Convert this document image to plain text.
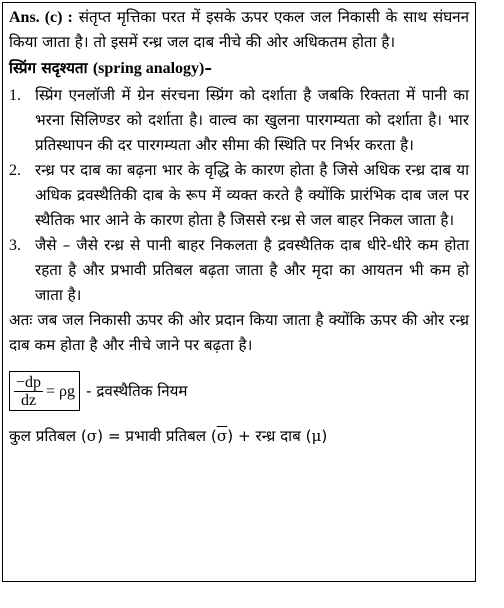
Ans. (c) : संतृप्त मृत्तिका परत में इसके ऊपर एकल जल निकासी के साथ संघनन किया जाता है। तो इसमें रन्ध्र जल दाब नीचे की ओर अधिकतम होता है।

स्प्रिंग सदृश्यता (spring analogy)–

1. स्प्रिंग एनलॉजी में ग्रेन संरचना स्प्रिंग को दर्शाता है जबकि रिक्तता में पानी का भरना सिलिण्डर को दर्शाता है। वाल्व का खुलना पारगम्यता को दर्शाता है। भार प्रतिस्थापन की दर पारगम्यता और सीमा की स्थिति पर निर्भर करता है।
2. रन्ध्र पर दाब का बढ़ना भार के वृद्धि के कारण होता है जिसे अधिक रन्ध्र दाब या अधिक द्रवस्थैतिकी दाब के रूप में व्यक्त करते है क्योंकि प्रारंभिक दाब जल पर स्थैतिक भार आने के कारण होता है जिससे रन्ध्र से जल बाहर निकल जाता है।
3. जैसे – जैसे रन्ध्र से पानी बाहर निकलता है द्रवस्थैतिक दाब धीरे-धीरे कम होता रहता है और प्रभावी प्रतिबल बढ़ता जाता है और मृदा का आयतन भी कम हो जाता है।

अतः जब जल निकासी ऊपर की ओर प्रदान किया जाता है क्योंकि ऊपर की ओर रन्ध्र दाब कम होता है और नीचे जाने पर बढ़ता है।

$\frac{-dp}{dz} = \rho g$ - द्रवस्थैतिक नियम

कुल प्रतिबल (σ) = प्रभावी प्रतिबल $(\overline{\sigma})$ + रन्ध्र दाब (μ)
